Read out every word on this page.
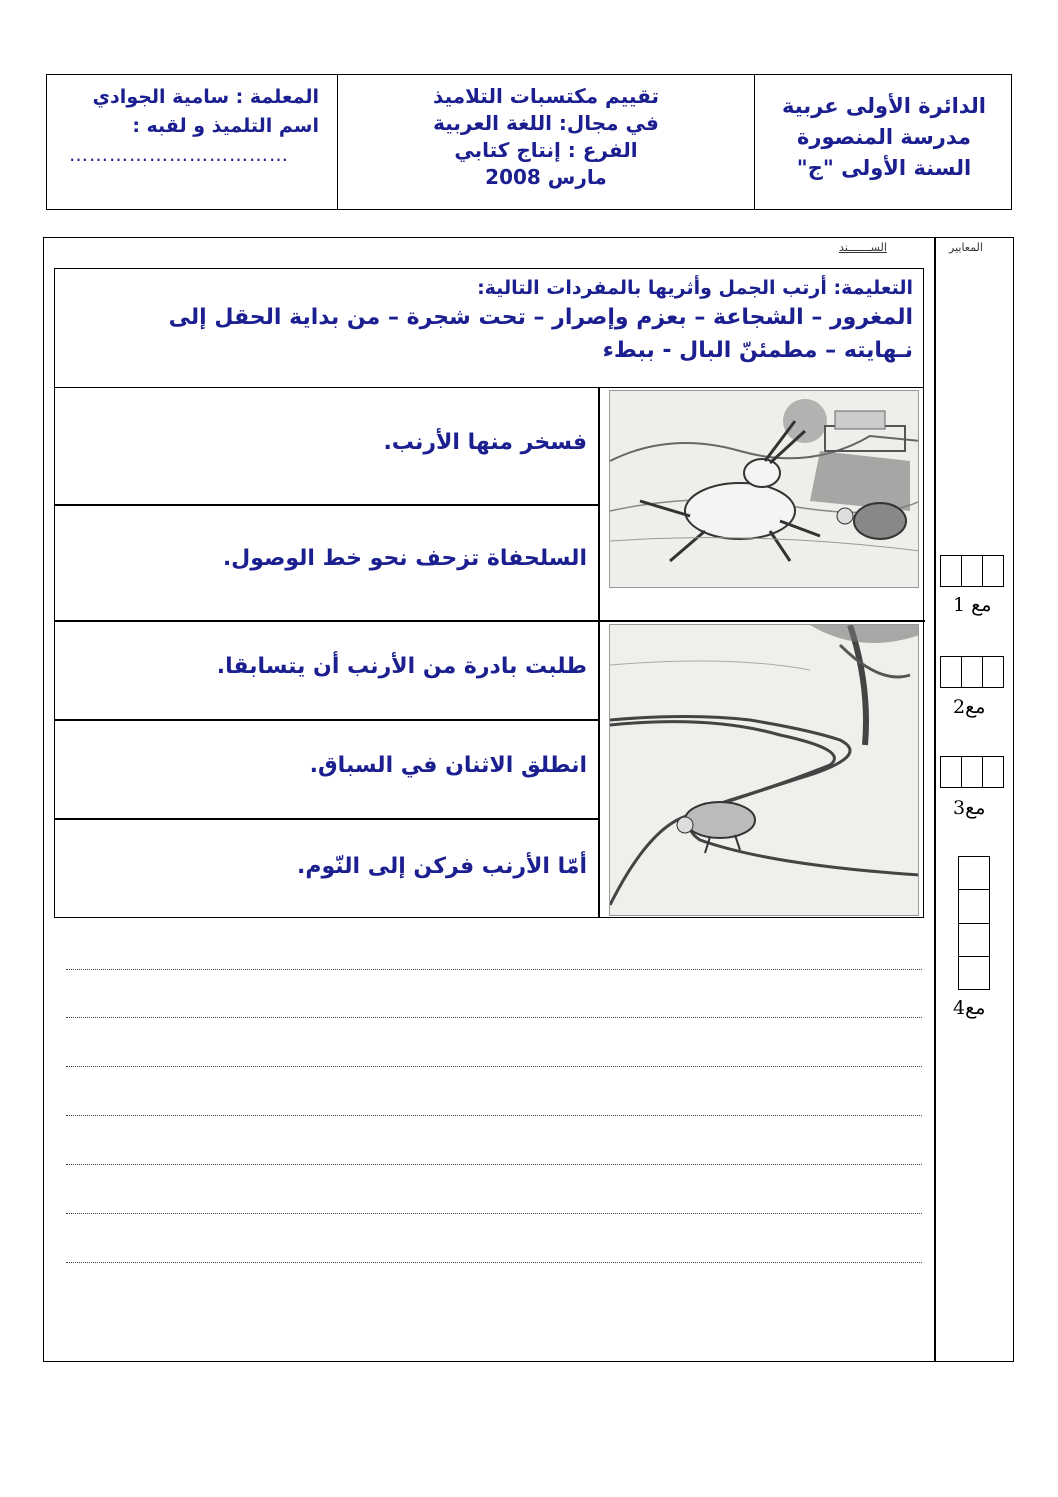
الدائرة الأولى عربية
مدرسة المنصورة
السنة الأولى "ج"
تقييم مكتسبات التلاميذ
في مجال: اللغة العربية
الفرع : إنتاج كتابي
مارس 2008
المعلمة : سامية الجوادي
اسم التلميذ و لقبه :
……………………………
الســـــــند	المعايير
التعليمة: أرتب الجمل وأثريها بالمفردات التالية:
المغرور – الشجاعة – بعزم وإصرار – تحت شجرة – من بداية الحقل إلى
نـهايته – مطمئنّ البال - ببطء
فسخر منها الأرنب.
السلحفاة تزحف نحو خط الوصول.
طلبت بادرة من الأرنب أن يتسابقا.
انطلق الاثنان في السباق.
أمّا الأرنب فركن إلى النّوم.
مع 1
مع2
مع3
مع4
